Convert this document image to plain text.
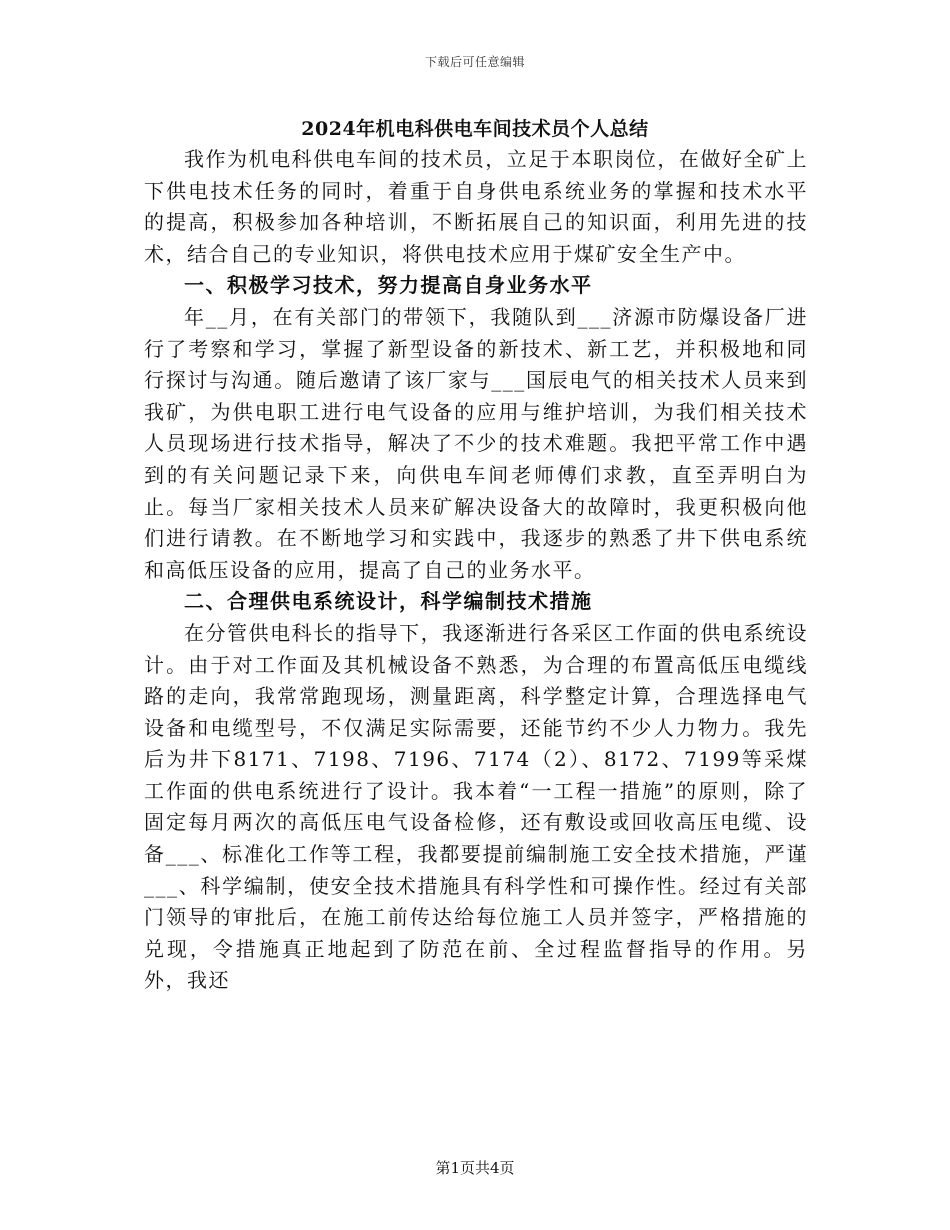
下载后可任意编辑
2024年机电科供电车间技术员个人总结

我作为机电科供电车间的技术员，立足于本职岗位，在做好全矿上下供电技术任务的同时，着重于自身供电系统业务的掌握和技术水平的提高，积极参加各种培训，不断拓展自己的知识面，利用先进的技术，结合自己的专业知识，将供电技术应用于煤矿安全生产中。

一、积极学习技术，努力提高自身业务水平

年__月，在有关部门的带领下，我随队到___济源市防爆设备厂进行了考察和学习，掌握了新型设备的新技术、新工艺，并积极地和同行探讨与沟通。随后邀请了该厂家与___国辰电气的相关技术人员来到我矿，为供电职工进行电气设备的应用与维护培训，为我们相关技术人员现场进行技术指导，解决了不少的技术难题。我把平常工作中遇到的有关问题记录下来，向供电车间老师傅们求教，直至弄明白为止。每当厂家相关技术人员来矿解决设备大的故障时，我更积极向他们进行请教。在不断地学习和实践中，我逐步的熟悉了井下供电系统和高低压设备的应用，提高了自己的业务水平。

二、合理供电系统设计，科学编制技术措施

在分管供电科长的指导下，我逐渐进行各采区工作面的供电系统设计。由于对工作面及其机械设备不熟悉，为合理的布置高低压电缆线路的走向，我常常跑现场，测量距离，科学整定计算，合理选择电气设备和电缆型号，不仅满足实际需要，还能节约不少人力物力。我先后为井下8171、7198、7196、7174（2）、8172、7199等采煤工作面的供电系统进行了设计。我本着“一工程一措施”的原则，除了固定每月两次的高低压电气设备检修，还有敷设或回收高压电缆、设备___、标准化工作等工程，我都要提前编制施工安全技术措施，严谨___、科学编制，使安全技术措施具有科学性和可操作性。经过有关部门领导的审批后，在施工前传达给每位施工人员并签字，严格措施的兑现，令措施真正地起到了防范在前、全过程监督指导的作用。另外，我还

第1页共4页
